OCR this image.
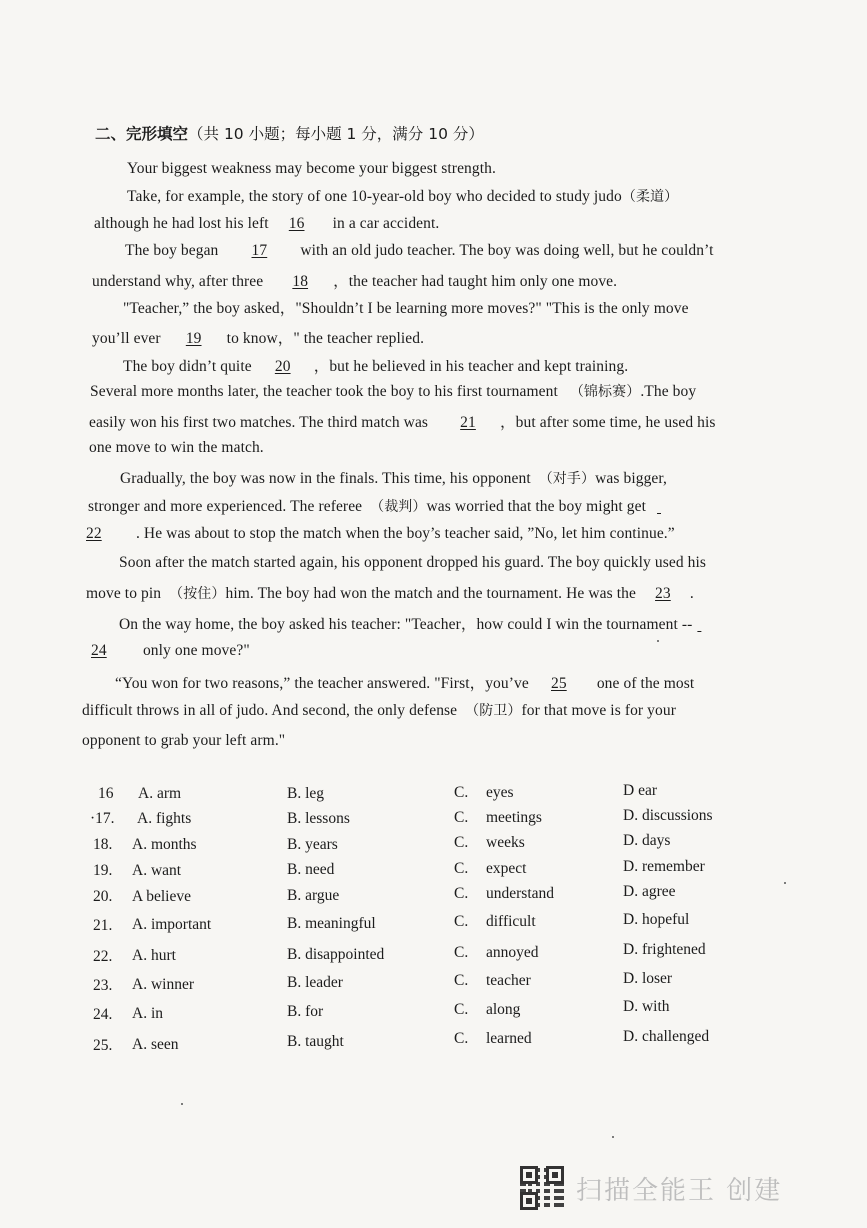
二、完形填空（共 10 小题；每小题 1 分，满分 10 分）
Your biggest weakness may become your biggest strength.
Take, for example, the story of one 10-year-old boy who decided to study judo（柔道）
although he had lost his left 16 in a car accident.
The boy began 17 with an old judo teacher. The boy was doing well, but he couldn’t
understand why, after three 18 ，the teacher had taught him only one move.
"Teacher,” the boy asked，"Shouldn’t I be learning more moves?" "This is the only move
you’ll ever 19 to know，" the teacher replied.
The boy didn’t quite 20 ，but he believed in his teacher and kept training.
Several more months later, the teacher took the boy to his first tournament （锦标赛）.The boy
easily won his first two matches. The third match was 21 ，but after some time, he used his
one move to win the match.
Gradually, the boy was now in the finals. This time, his opponent （对手）was bigger,
stronger and more experienced. The referee （裁判）was worried that the boy might get
22 . He was about to stop the match when the boy’s teacher said, ”No, let him continue.”
Soon after the match started again, his opponent dropped his guard. The boy quickly used his
move to pin （按住）him. The boy had won the match and the tournament. He was the 23 .
On the way home, the boy asked his teacher: "Teacher，how could I win the tournament --
24 only one move?"
“You won for two reasons,” the teacher answered. "First，you’ve 25 one of the most
difficult throws in all of judo. And second, the only defense （防卫）for that move is for your
opponent to grab your left arm."
16 A. arm	B. leg	C. eyes	D ear
·17. A. fights	B. lessons	C. meetings	D. discussions
18. A. months	B. years	C. weeks	D. days
19. A. want	B. need	C. expect	D. remember
20. A believe	B. argue	C. understand	D. agree
21. A. important	B. meaningful	C. difficult	D. hopeful
22. A. hurt	B. disappointed	C. annoyed	D. frightened
23. A. winner	B. leader	C. teacher	D. loser
24. A. in	B. for	C. along	D. with
25. A. seen	B. taught	C. learned	D. challenged
扫描全能王 创建
